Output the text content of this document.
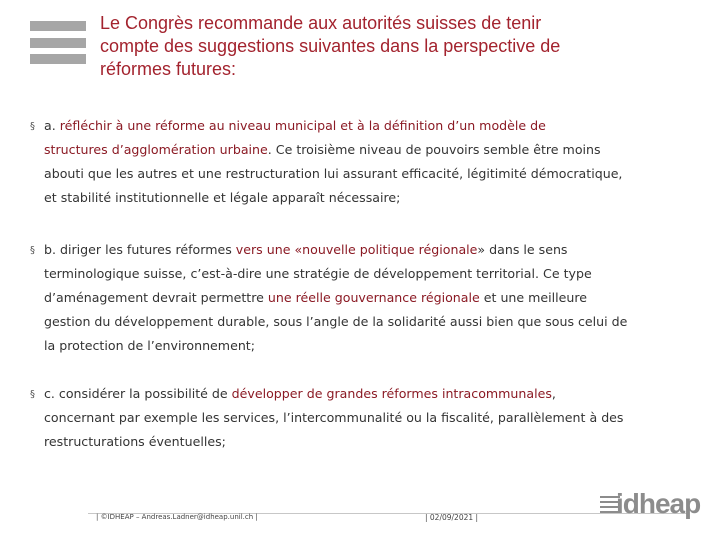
Le Congrès recommande aux autorités suisses de tenir compte des suggestions suivantes dans la perspective de réformes futures:
§ a. réfléchir à une réforme au niveau municipal et à la définition d’un modèle de
structures d’agglomération urbaine. Ce troisième niveau de pouvoirs semble être moins
abouti que les autres et une restructuration lui assurant efficacité, légitimité démocratique,
et stabilité institutionnelle et légale apparaît nécessaire;
§ b. diriger les futures réformes vers une «nouvelle politique régionale» dans le sens
terminologique suisse, c’est-à-dire une stratégie de développement territorial. Ce type
d’aménagement devrait permettre une réelle gouvernance régionale et une meilleure
gestion du développement durable, sous l’angle de la solidarité aussi bien que sous celui de
la protection de l’environnement;
§ c. considérer la possibilité de développer de grandes réformes intracommunales,
concernant par exemple les services, l’intercommunalité ou la fiscalité, parallèlement à des
restructurations éventuelles;
| ©IDHEAP – Andreas.Ladner@idheap.unil.ch |	| 02/09/2021 |	idheap
